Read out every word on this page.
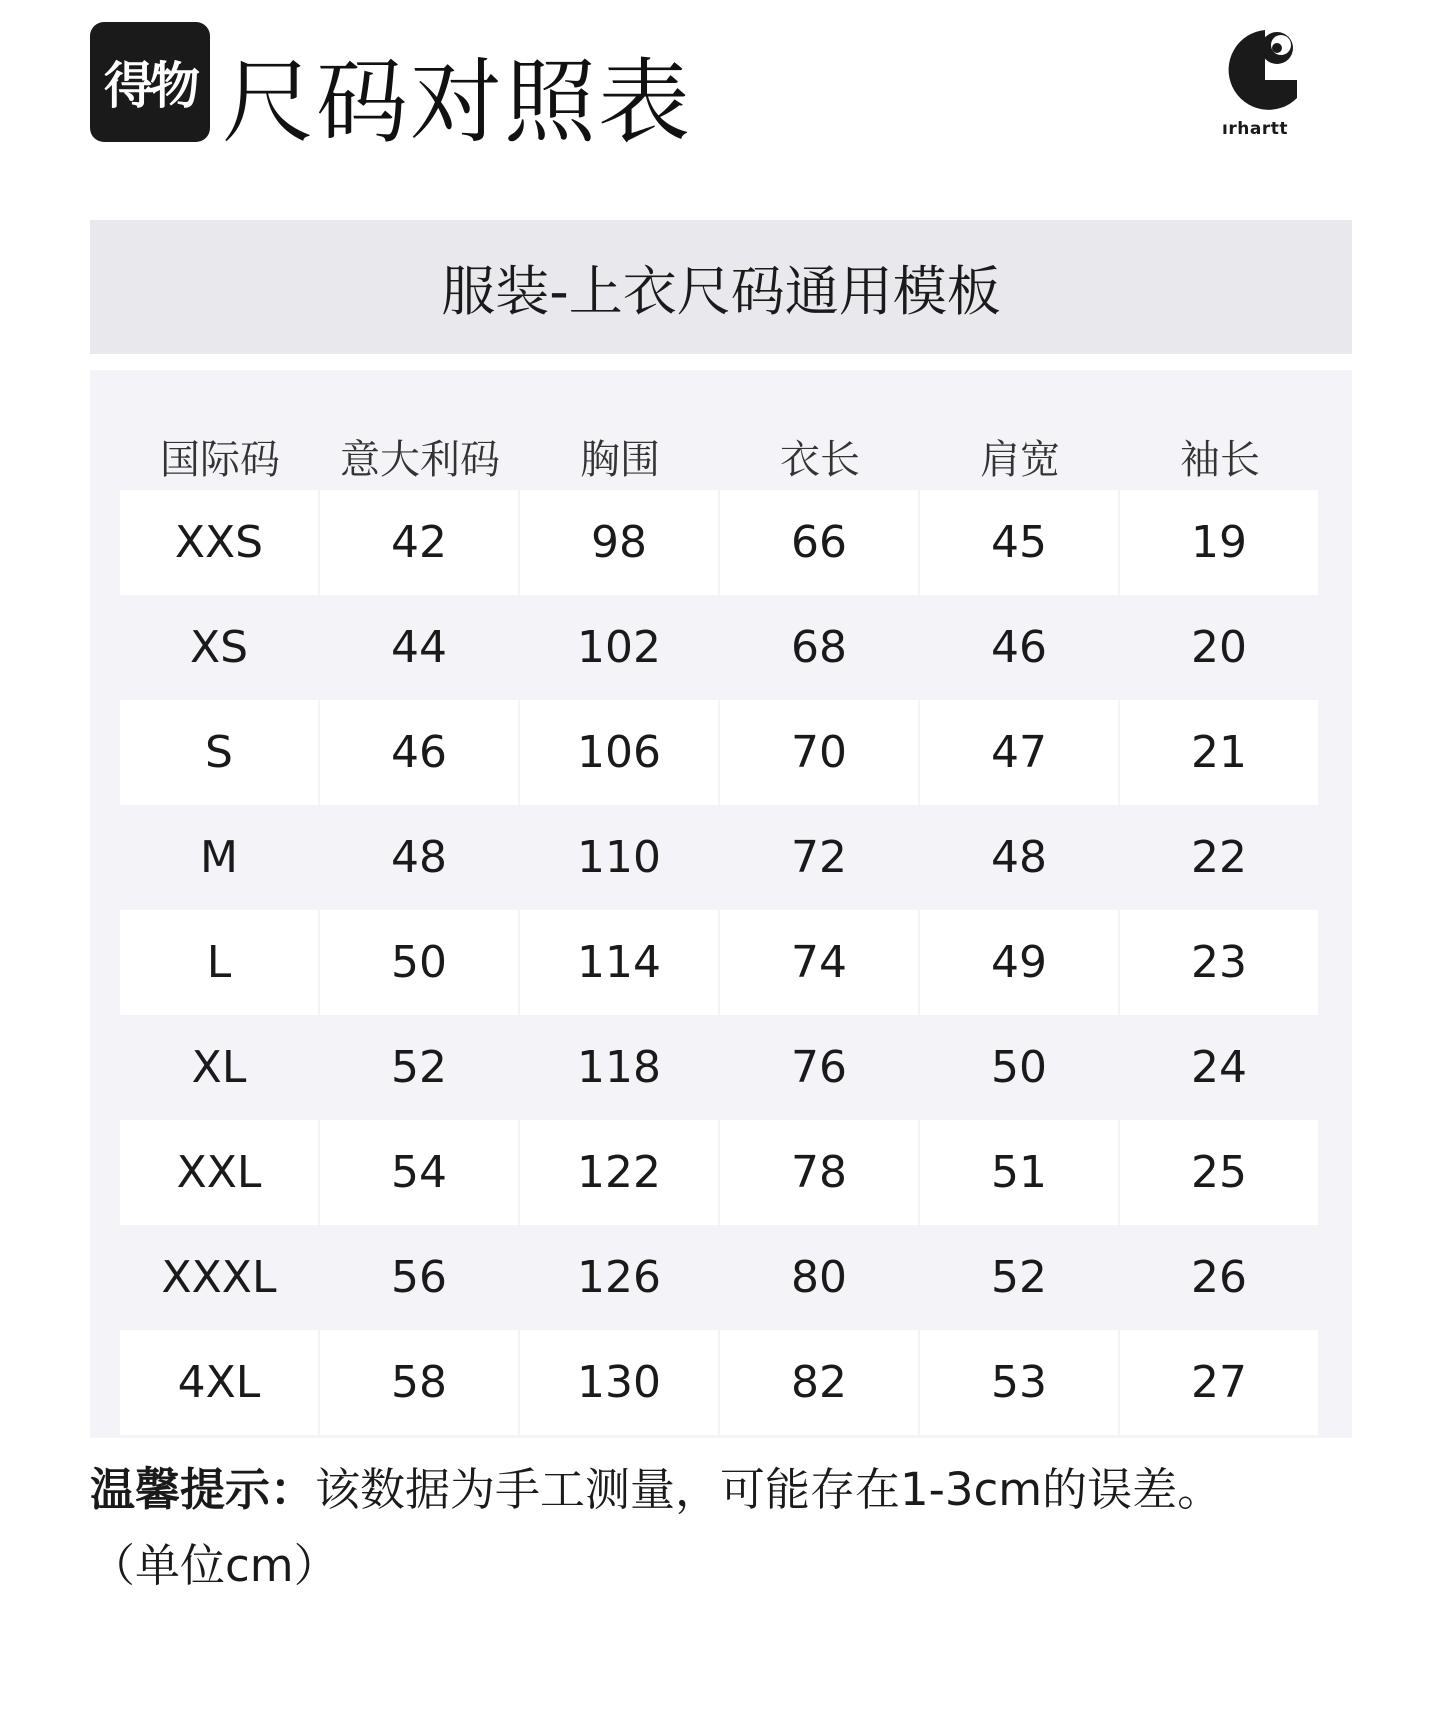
得物 尺码对照表	ırhartt
服装-上衣尺码通用模板
国际码	意大利码	胸围	衣长	肩宽	袖长
XXS	42	98	66	45	19
XS	44	102	68	46	20
S	46	106	70	47	21
M	48	110	72	48	22
L	50	114	74	49	23
XL	52	118	76	50	24
XXL	54	122	78	51	25
XXXL	56	126	80	52	26
4XL	58	130	82	53	27
温馨提示：该数据为手工测量，可能存在1-3cm的误差。
（单位cm）
